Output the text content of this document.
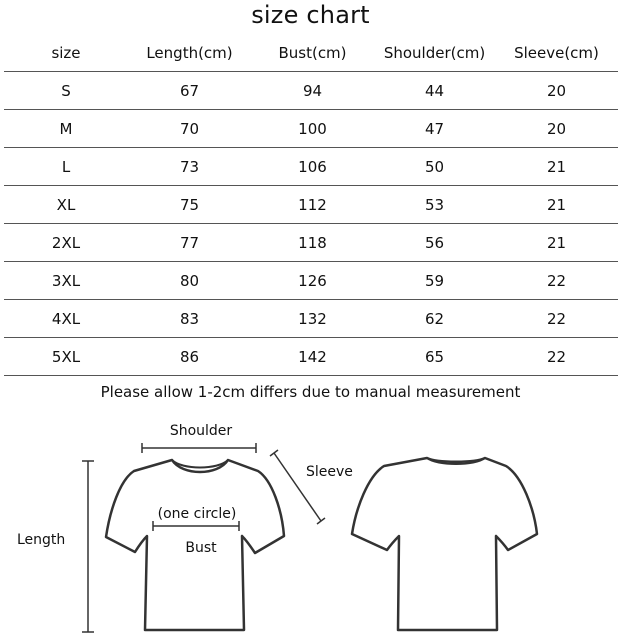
size chart
size	Length(cm)	Bust(cm)	Shoulder(cm)	Sleeve(cm)
S	67	94	44	20
M	70	100	47	20
L	73	106	50	21
XL	75	112	53	21
2XL	77	118	56	21
3XL	80	126	59	22
4XL	83	132	62	22
5XL	86	142	65	22
Please allow 1-2cm differs due to manual measurement
Length
Shoulder
Sleeve
(one circle)
Bust
